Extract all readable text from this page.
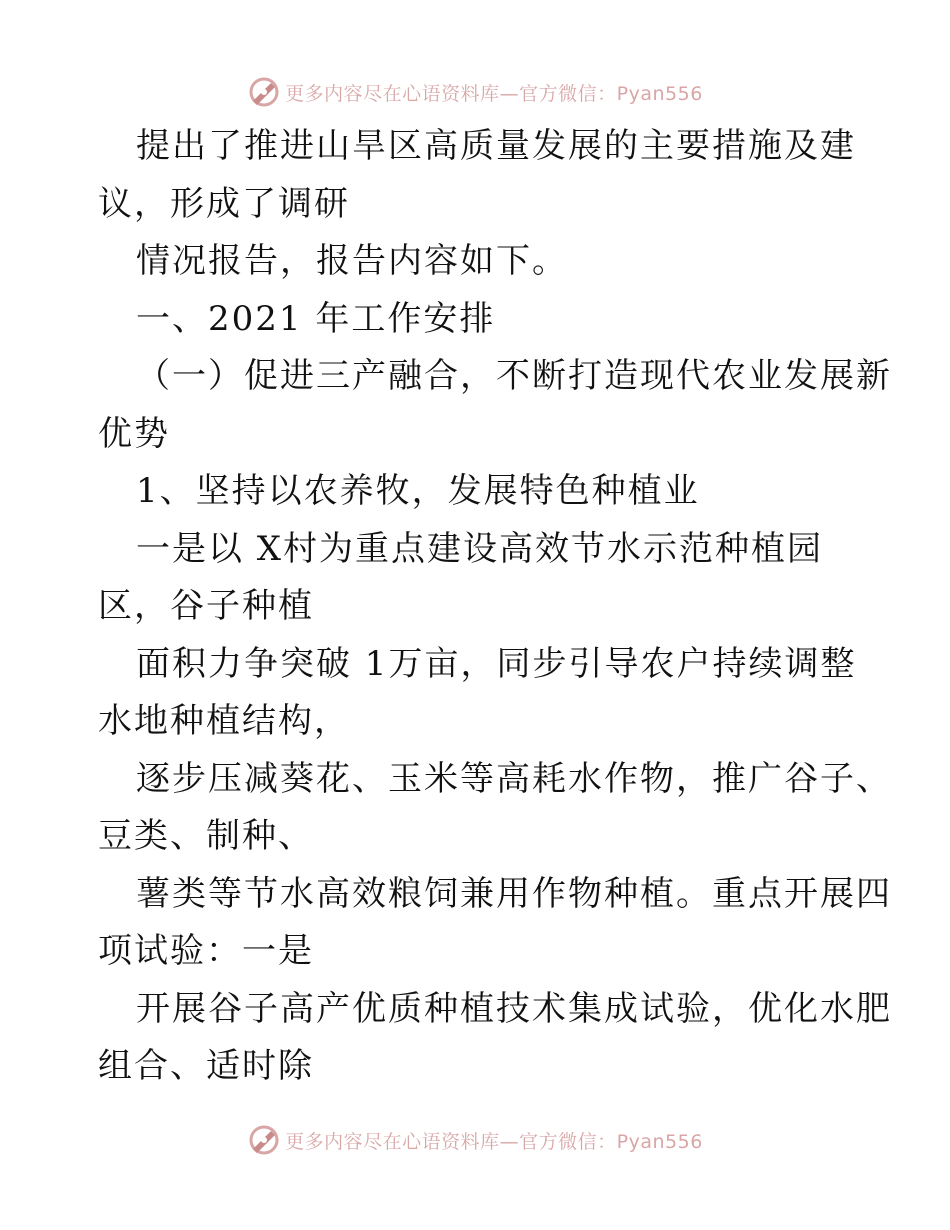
更多内容尽在心语资料库—官方微信：Pyan556
提出了推进山旱区高质量发展的主要措施及建
议，形成了调研
情况报告，报告内容如下。
一、2021 年工作安排
（一）促进三产融合，不断打造现代农业发展新
优势
1、坚持以农养牧，发展特色种植业
一是以 X村为重点建设高效节水示范种植园
区，谷子种植
面积力争突破 1万亩，同步引导农户持续调整
水地种植结构，
逐步压减葵花、玉米等高耗水作物，推广谷子、
豆类、制种、
薯类等节水高效粮饲兼用作物种植。重点开展四
项试验：一是
开展谷子高产优质种植技术集成试验，优化水肥
组合、适时除
更多内容尽在心语资料库—官方微信：Pyan556
